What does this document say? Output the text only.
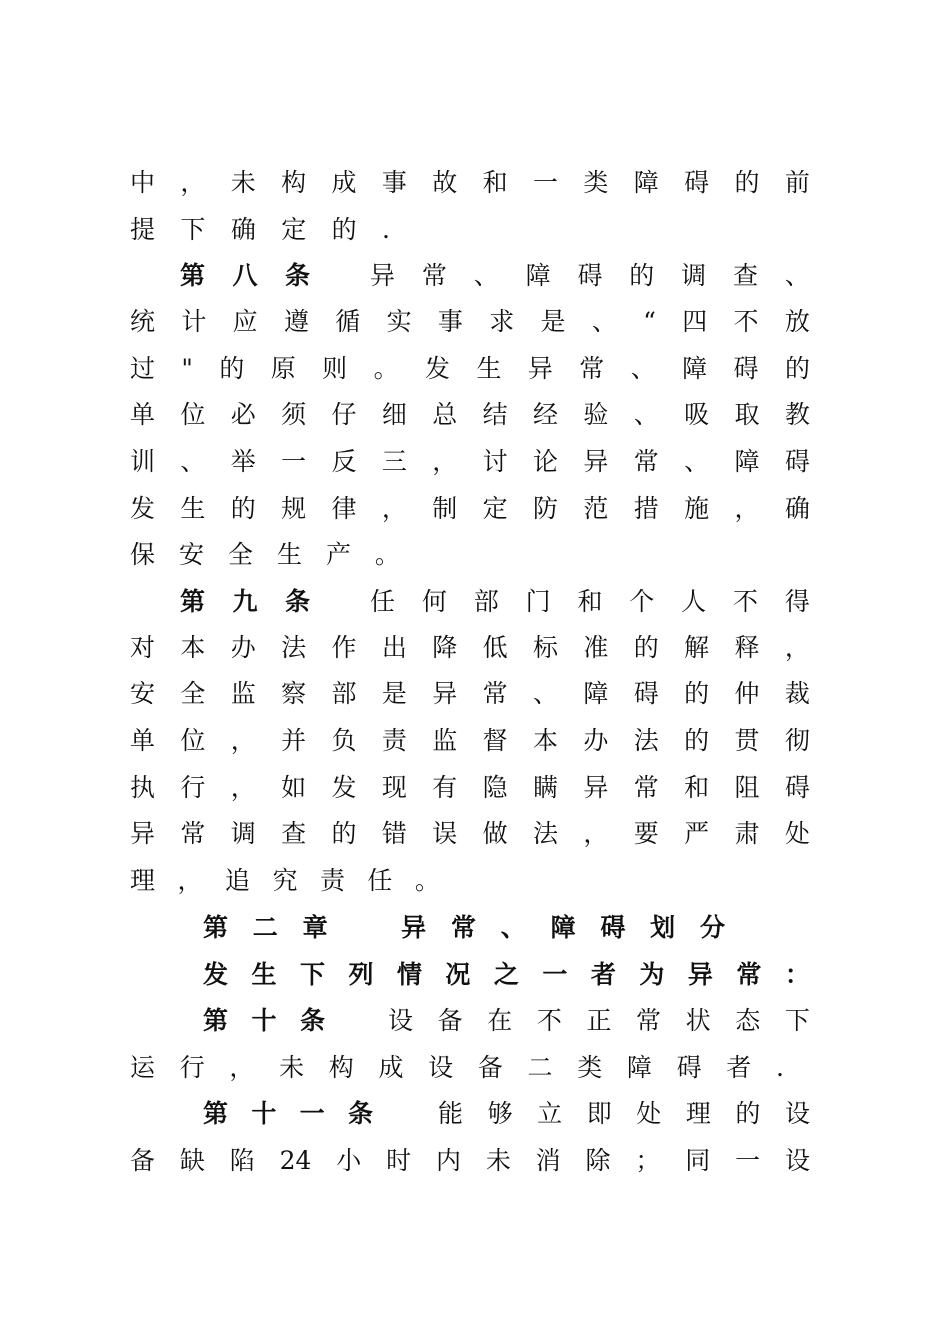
中 ， 未 构 成 事 故 和 一 类 障 碍 的 前
提下确定的.
第 八 条 异 常 、 障 碍 的 调 查 、
统 计 应 遵 循 实 事 求 是 、 “ 四 不 放
过 " 的 原 则 。 发 生 异 常 、 障 碍 的
单 位 必 须 仔 细 总 结 经 验 、 吸 取 教
训 、 举 一 反 三 ， 讨 论 异 常 、 障 碍
发 生 的 规 律 ， 制 定 防 范 措 施 ， 确
保 安 全 生 产 。
第 九 条 任 何 部 门 和 个 人 不 得
对 本 办 法 作 出 降 低 标 准 的 解 释 ，
安 全 监 察 部 是 异 常 、 障 碍 的 仲 裁
单 位 ， 并 负 责 监 督 本 办 法 的 贯 彻
执 行 ， 如 发 现 有 隐 瞒 异 常 和 阻 碍
异 常 调 查 的 错 误 做 法 ， 要 严 肃 处
理 ， 追 究 责 任 。
第 二 章	异 常 、 障 碍 划 分
发 生 下 列 情 况 之 一 者 为 异 常 ：
第 十 条	设 备 在 不 正 常 状 态 下
运 行 ， 未 构 成 设 备 二 类 障 碍 者 .
第 十 一 条	能 够 立 即 处 理 的 设
备 缺 陷 24 小 时 内 未 消 除 ； 同 一 设
